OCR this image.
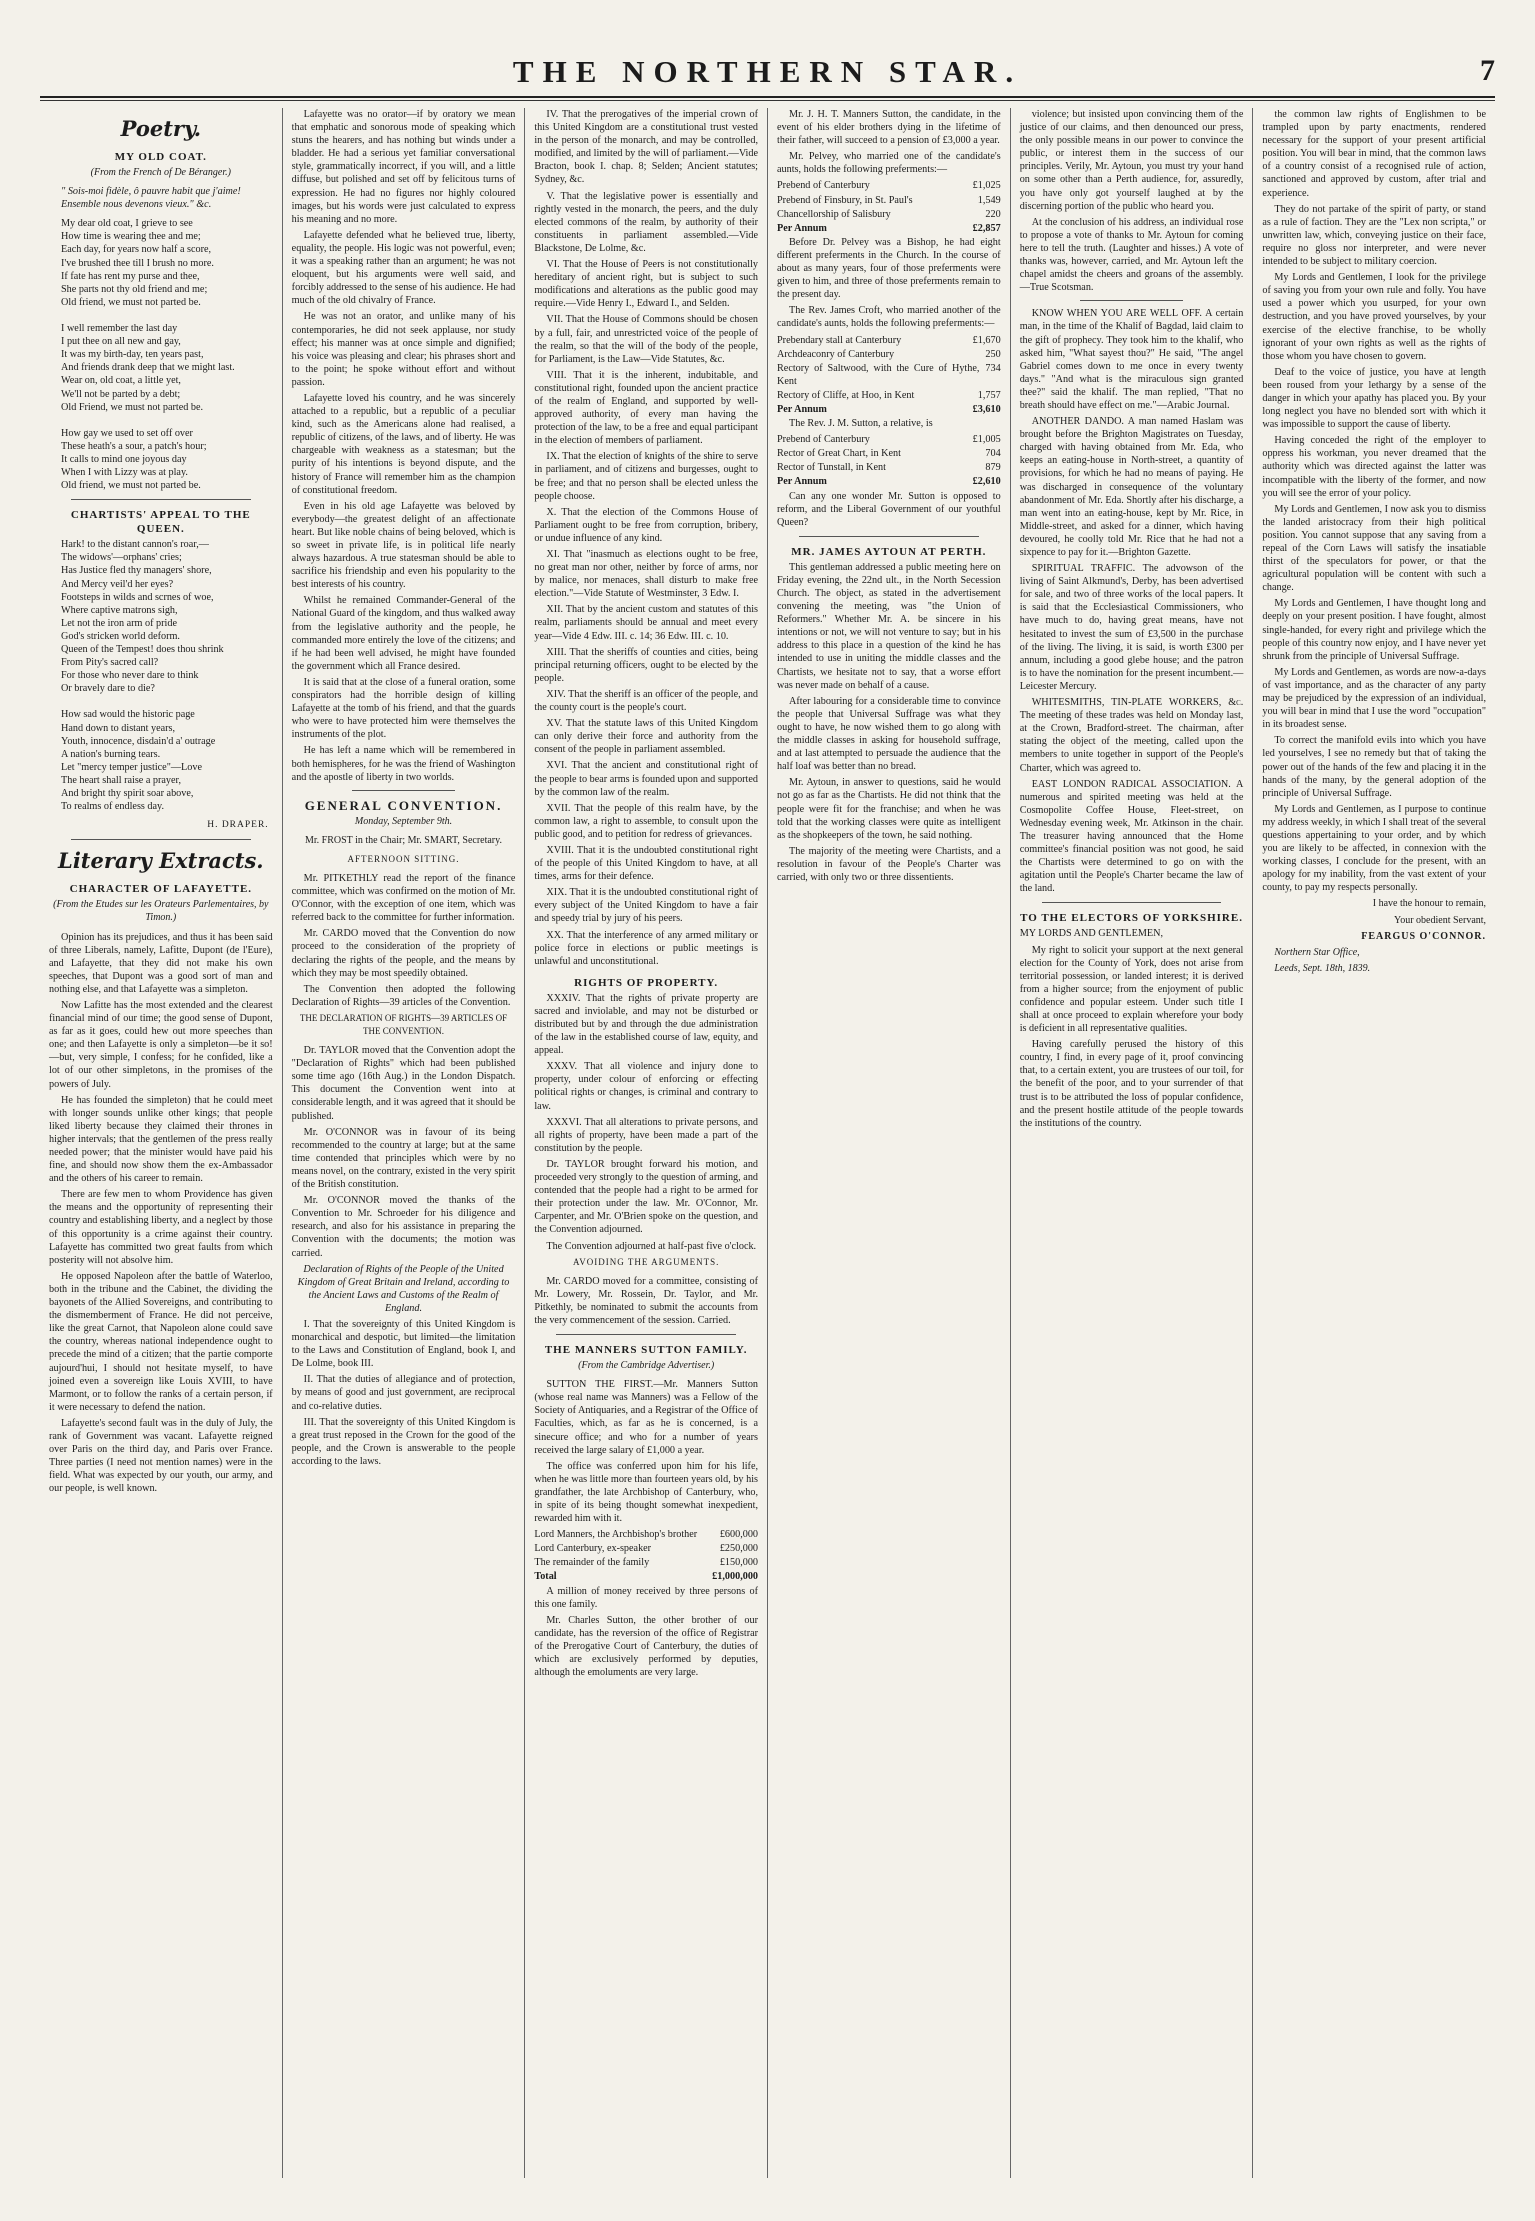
THE NORTHERN STAR.	7
Poetry.
MY OLD COAT.
(From the French of De Béranger.)
" Sois-moi fidèle, ô pauvre habit que j'aime!
Ensemble nous devenons vieux." &c.
My dear old coat, I grieve to see
How time is wearing thee and me;
Each day, for years now half a score,
I've brushed thee till I brush no more.
If fate has rent my purse and thee,
She parts not thy old friend and me;
Old friend, we must not parted be.

I well remember the last day
I put thee on all new and gay,
It was my birth-day, ten years past,
And friends drank deep that we might last.
Wear on, old coat, a little yet,
We'll not be parted by a debt;
Old Friend, we must not parted be.

How gay we used to set off over
These heath's a sour, a patch's hour;
It calls to mind one joyous day
When I with Lizzy was at play.
Old friend, we must not parted be.
CHARTISTS' APPEAL TO THE QUEEN.
Hark! to the distant cannon's roar,—
The widows'—orphans' cries;
Has Justice fled thy managers' shore,
And Mercy veil'd her eyes?
Footsteps in wilds and scrnes of woe,
Where captive matrons sigh,
Let not the iron arm of pride
God's stricken world deform.
Queen of the Tempest! does thou shrink
From Pity's sacred call?
For those who never dare to think
Or bravely dare to die?

How sad would the historic page
Hand down to distant years,
Youth, innocence, disdain'd a' outrage
A nation's burning tears.
Let "mercy temper justice"—Love
The heart shall raise a prayer,
And bright thy spirit soar above,
To realms of endless day.
H. DRAPER.
Literary Extracts.
CHARACTER OF LAFAYETTE.
(From the Etudes sur les Orateurs Parlementaires, by Timon.)

Opinion has its prejudices, and thus it has been said of three Liberals, namely, Lafitte, Dupont (de l'Eure), and Lafayette, that they did not make his own speeches, that Dupont was a good sort of man and nothing else, and that Lafayette was a simpleton.

Now Lafitte has the most extended and the clearest financial mind of our time; the good sense of Dupont, as far as it goes, could hew out more speeches than one; and then Lafayette is only a simpleton—be it so!—but, very simple, I confess; for he confided, like a lot of our other simpletons, in the promises of the powers of July.

He has founded the simpleton) that he could meet with longer sounds unlike other kings; that people liked liberty because they claimed their thrones in higher intervals; that the gentlemen of the press really needed power; that the minister would have paid his fine, and should now show them the ex-Ambassador and the others of his career to remain.

There are few men to whom Providence has given the means and the opportunity of representing their country and establishing liberty, and a neglect by those of this opportunity is a crime against their country. Lafayette has committed two great faults from which posterity will not absolve him.

He opposed Napoleon after the battle of Waterloo, both in the tribune and the Cabinet, the dividing the bayonets of the Allied Sovereigns, and contributing to the dismemberment of France. He did not perceive, like the great Carnot, that Napoleon alone could save the country, whereas national independence ought to precede the mind of a citizen; that the partie comporte aujourd'hui, I should not hesitate myself, to have joined even a sovereign like Louis XVIII, to have Marmont, or to follow the ranks of a certain person, if it were necessary to defend the nation.

Lafayette's second fault was in the duly of July, the rank of Government was vacant. Lafayette reigned over Paris on the third day, and Paris over France. Three parties (I need not mention names) were in the field. What was expected by our youth, our army, and our people, is well known.

Lafayette was no orator—if by oratory we mean that emphatic and sonorous mode of speaking which stuns the hearers, and has nothing but winds under a bladder. He had a serious yet familiar conversational style, grammatically incorrect, if you will, and a little diffuse, but polished and set off by felicitous turns of expression. He had no figures nor highly coloured images, but his words were just calculated to express his meaning and no more.

Lafayette defended what he believed true, liberty, equality, the people. His logic was not powerful, even; it was a speaking rather than an argument; he was not eloquent, but his arguments were well said, and forcibly addressed to the sense of his audience. He had much of the old chivalry of France.

He was not an orator, and unlike many of his contemporaries, he did not seek applause, nor study effect; his manner was at once simple and dignified; his voice was pleasing and clear; his phrases short and to the point; he spoke without effort and without passion.

Lafayette loved his country, and he was sincerely attached to a republic, but a republic of a peculiar kind, such as the Americans alone had realised, a republic of citizens, of the laws, and of liberty. He was chargeable with weakness as a statesman; but the purity of his intentions is beyond dispute, and the history of France will remember him as the champion of constitutional freedom.

Even in his old age Lafayette was beloved by everybody—the greatest delight of an affectionate heart. But like noble chains of being beloved, which is so sweet in private life, is in political life nearly always hazardous. A true statesman should be able to sacrifice his friendship and even his popularity to the best interests of his country.

Whilst he remained Commander-General of the National Guard of the kingdom, and thus walked away from the legislative authority and the people, he commanded more entirely the love of the citizens; and if he had been well advised, he might have founded the government which all France desired.

It is said that at the close of a funeral oration, some conspirators had the horrible design of killing Lafayette at the tomb of his friend, and that the guards who were to have protected him were themselves the instruments of the plot.

He has left a name which will be remembered in both hemispheres, for he was the friend of Washington and the apostle of liberty in two worlds.

GENERAL CONVENTION.
Monday, September 9th.
Mr. FROST in the Chair; Mr. SMART, Secretary.
AFTERNOON SITTING.

Mr. PITKETHLY read the report of the finance committee, which was confirmed on the motion of Mr. O'Connor, with the exception of one item, which was referred back to the committee for further information.

Mr. CARDO moved that the Convention do now proceed to the consideration of the propriety of declaring the rights of the people, and the means by which they may be most speedily obtained.

The Convention then adopted the following Declaration of Rights—39 articles of the Convention.

THE DECLARATION OF RIGHTS—39 ARTICLES OF THE CONVENTION.

Dr. TAYLOR moved that the Convention adopt the "Declaration of Rights" which had been published some time ago (16th Aug.) in the London Dispatch. This document the Convention went into at considerable length, and it was agreed that it should be published.

Mr. O'CONNOR was in favour of its being recommended to the country at large; but at the same time contended that principles which were by no means novel, on the contrary, existed in the very spirit of the British constitution.

Mr. O'CONNOR moved the thanks of the Convention to Mr. Schroeder for his diligence and research, and also for his assistance in preparing the Convention with the documents; the motion was carried.

Declaration of Rights of the People of the United Kingdom of Great Britain and Ireland, according to the Ancient Laws and Customs of the Realm of England.

I. That the sovereignty of this United Kingdom is monarchical and despotic, but limited—the limitation to the Laws and Constitution of England, book I, and De Lolme, book III.

II. That the duties of allegiance and of protection, by means of good and just government, are reciprocal and co-relative duties.

III. That the sovereignty of this United Kingdom is a great trust reposed in the Crown for the good of the people, and the Crown is answerable to the people according to the laws.

IV. That the prerogatives of the imperial crown of this United Kingdom are a constitutional trust vested in the person of the monarch, and may be controlled, modified, and limited by the will of parliament.—Vide Bracton, book I. chap. 8; Selden; Ancient statutes; Sydney, &c.

V. That the legislative power is essentially and rightly vested in the monarch, the peers, and the duly elected commons of the realm, by authority of their constituents in parliament assembled.—Vide Blackstone, De Lolme, &c.

VI. That the House of Peers is not constitutionally hereditary of ancient right, but is subject to such modifications and alterations as the public good may require.—Vide Henry I., Edward I., and Selden.

VII. That the House of Commons should be chosen by a full, fair, and unrestricted voice of the people of the realm, so that the will of the body of the people, for Parliament, is the Law—Vide Statutes, &c.

VIII. That it is the inherent, indubitable, and constitutional right, founded upon the ancient practice of the realm of England, and supported by well-approved authority, of every man having the protection of the law, to be a free and equal participant in the election of members of parliament.

IX. That the election of knights of the shire to serve in parliament, and of citizens and burgesses, ought to be free; and that no person shall be elected unless the people choose.

X. That the election of the Commons House of Parliament ought to be free from corruption, bribery, or undue influence of any kind.

XI. That "inasmuch as elections ought to be free, no great man nor other, neither by force of arms, nor by malice, nor menaces, shall disturb to make free election."—Vide Statute of Westminster, 3 Edw. I.

XII. That by the ancient custom and statutes of this realm, parliaments should be annual and meet every year—Vide 4 Edw. III. c. 14; 36 Edw. III. c. 10.

XIII. That the sheriffs of counties and cities, being principal returning officers, ought to be elected by the people.

XIV. That the sheriff is an officer of the people, and the county court is the people's court.

XV. That the statute laws of this United Kingdom can only derive their force and authority from the consent of the people in parliament assembled.

XVI. That the ancient and constitutional right of the people to bear arms is founded upon and supported by the common law of the realm.

XVII. That the people of this realm have, by the common law, a right to assemble, to consult upon the public good, and to petition for redress of grievances.

XVIII. That it is the undoubted constitutional right of the people of this United Kingdom to have, at all times, arms for their defence.

XIX. That it is the undoubted constitutional right of every subject of the United Kingdom to have a fair and speedy trial by jury of his peers.

XX. That the interference of any armed military or police force in elections or public meetings is unlawful and unconstitutional.

RIGHTS OF PROPERTY.

XXXIV. That the rights of private property are sacred and inviolable, and may not be disturbed or distributed but by and through the due administration of the law in the established course of law, equity, and appeal.

XXXV. That all violence and injury done to property, under colour of enforcing or effecting political rights or changes, is criminal and contrary to law.

XXXVI. That all alterations to private persons, and all rights of property, have been made a part of the constitution by the people.

Dr. TAYLOR brought forward his motion, and proceeded very strongly to the question of arming, and contended that the people had a right to be armed for their protection under the law. Mr. O'Connor, Mr. Carpenter, and Mr. O'Brien spoke on the question, and the Convention adjourned.

The Convention adjourned at half-past five o'clock.

AVOIDING THE ARGUMENTS.

Mr. CARDO moved for a committee, consisting of Mr. Lowery, Mr. Rossein, Dr. Taylor, and Mr. Pitkethly, be nominated to submit the accounts from the very commencement of the session. Carried.

THE MANNERS SUTTON FAMILY.
(From the Cambridge Advertiser.)

SUTTON THE FIRST.—Mr. Manners Sutton (whose real name was Manners) was a Fellow of the Society of Antiquaries, and a Registrar of the Office of Faculties, which, as far as he is concerned, is a sinecure office; and who for a number of years received the large salary of £1,000 a year.

The office was conferred upon him for his life, when he was little more than fourteen years old, by his grandfather, the late Archbishop of Canterbury, who, in spite of its being thought somewhat inexpedient, rewarded him with it.

Lord Manners, the Archbishop's brother	£600,000
Lord Canterbury, ex-speaker	£250,000
The remainder of the family	£150,000
Total	£1,000,000

A million of money received by three persons of this one family.

Mr. Charles Sutton, the other brother of our candidate, has the reversion of the office of Registrar of the Prerogative Court of Canterbury, the duties of which are exclusively performed by deputies, although the emoluments are very large.

Mr. J. H. T. Manners Sutton, the candidate, in the event of his elder brothers dying in the lifetime of their father, will succeed to a pension of £3,000 a year.

Mr. Pelvey, who married one of the candidate's aunts, holds the following preferments:—

Prebend of Canterbury	£1,025
Prebend of Finsbury, in St. Paul's	1,549
Chancellorship of Salisbury	220
Per Annum	£2,857

Before Dr. Pelvey was a Bishop, he had eight different preferments in the Church. In the course of about as many years, four of those preferments were given to him, and three of those preferments remain to the present day.

The Rev. James Croft, who married another of the candidate's aunts, holds the following preferments:—

Prebendary stall at Canterbury	£1,670
Archdeaconry of Canterbury	250
Rectory of Saltwood, with the Cure of Hythe, Kent
734
Rectory of Cliffe, at Hoo, in Kent	1,757
Per Annum	£3,610

The Rev. J. M. Sutton, a relative, is

Prebend of Canterbury	£1,005
Rector of Great Chart, in Kent	704
Rector of Tunstall, in Kent	879
Per Annum	£2,610

Can any one wonder Mr. Sutton is opposed to reform, and the Liberal Government of our youthful Queen?

MR. JAMES AYTOUN AT PERTH.

This gentleman addressed a public meeting here on Friday evening, the 22nd ult., in the North Secession Church. The object, as stated in the advertisement convening the meeting, was "the Union of Reformers." Whether Mr. A. be sincere in his intentions or not, we will not venture to say; but in his address to this place in a question of the kind he has intended to use in uniting the middle classes and the Chartists, we hesitate not to say, that a worse effort was never made on behalf of a cause.

After labouring for a considerable time to convince the people that Universal Suffrage was what they ought to have, he now wished them to go along with the middle classes in asking for household suffrage, and at last attempted to persuade the audience that the half loaf was better than no bread.

Mr. Aytoun, in answer to questions, said he would not go as far as the Chartists. He did not think that the people were fit for the franchise; and when he was told that the working classes were quite as intelligent as the shopkeepers of the town, he said nothing.

The majority of the meeting were Chartists, and a resolution in favour of the People's Charter was carried, with only two or three dissentients.

violence; but insisted upon convincing them of the justice of our claims, and then denounced our press, the only possible means in our power to convince the public, or interest them in the success of our principles. Verily, Mr. Aytoun, you must try your hand on some other than a Perth audience, for, assuredly, you have only got yourself laughed at by the discerning portion of the public who heard you.

At the conclusion of his address, an individual rose to propose a vote of thanks to Mr. Aytoun for coming here to tell the truth. (Laughter and hisses.) A vote of thanks was, however, carried, and Mr. Aytoun left the chapel amidst the cheers and groans of the assembly.—True Scotsman.

KNOW WHEN YOU ARE WELL OFF. A certain man, in the time of the Khalif of Bagdad, laid claim to the gift of prophecy. They took him to the khalif, who asked him, "What sayest thou?" He said, "The angel Gabriel comes down to me once in every twenty days." "And what is the miraculous sign granted thee?" said the khalif. The man replied, "That no breath should have effect on me."—Arabic Journal.

ANOTHER DANDO. A man named Haslam was brought before the Brighton Magistrates on Tuesday, charged with having obtained from Mr. Eda, who keeps an eating-house in North-street, a quantity of provisions, for which he had no means of paying. He was discharged in consequence of the voluntary abandonment of Mr. Eda. Shortly after his discharge, a man went into an eating-house, kept by Mr. Rice, in Middle-street, and asked for a dinner, which having devoured, he coolly told Mr. Rice that he had not a sixpence to pay for it.—Brighton Gazette.

SPIRITUAL TRAFFIC. The advowson of the living of Saint Alkmund's, Derby, has been advertised for sale, and two of three works of the local papers. It is said that the Ecclesiastical Commissioners, who have much to do, having great means, have not hesitated to invest the sum of £3,500 in the purchase of the living. The living, it is said, is worth £300 per annum, including a good glebe house; and the patron is to have the nomination for the present incumbent.—Leicester Mercury.

WHITESMITHS, TIN-PLATE WORKERS, &c. The meeting of these trades was held on Monday last, at the Crown, Bradford-street. The chairman, after stating the object of the meeting, called upon the members to unite together in support of the People's Charter, which was agreed to.

EAST LONDON RADICAL ASSOCIATION. A numerous and spirited meeting was held at the Cosmopolite Coffee House, Fleet-street, on Wednesday evening week, Mr. Atkinson in the chair. The treasurer having announced that the Home committee's financial position was not good, he said the Chartists were determined to go on with the agitation until the People's Charter became the law of the land.

TO THE ELECTORS OF YORKSHIRE.

MY LORDS AND GENTLEMEN,

My right to solicit your support at the next general election for the County of York, does not arise from territorial possession, or landed interest; it is derived from a higher source; from the enjoyment of public confidence and popular esteem. Under such title I shall at once proceed to explain wherefore your body is deficient in all representative qualities.

Having carefully perused the history of this country, I find, in every page of it, proof convincing that, to a certain extent, you are trustees of our toil, for the benefit of the poor, and to your surrender of that trust is to be attributed the loss of popular confidence, and the present hostile attitude of the people towards the institutions of the country.

the common law rights of Englishmen to be trampled upon by party enactments, rendered necessary for the support of your present artificial position. You will bear in mind, that the common laws of a country consist of a recognised rule of action, sanctioned and approved by custom, after trial and experience.

They do not partake of the spirit of party, or stand as a rule of faction. They are the "Lex non scripta," or unwritten law, which, conveying justice on their face, require no gloss nor interpreter, and were never intended to be subject to military coercion.

My Lords and Gentlemen, I look for the privilege of saving you from your own rule and folly. You have used a power which you usurped, for your own destruction, and you have proved yourselves, by your exercise of the elective franchise, to be wholly ignorant of your own rights as well as the rights of those whom you have chosen to govern.

Deaf to the voice of justice, you have at length been roused from your lethargy by a sense of the danger in which your apathy has placed you. By your long neglect you have no blended sort with which it was impossible to support the cause of liberty.

Having conceded the right of the employer to oppress his workman, you never dreamed that the authority which was directed against the latter was incompatible with the liberty of the former, and now you will see the error of your policy.

My Lords and Gentlemen, I now ask you to dismiss the landed aristocracy from their high political position. You cannot suppose that any saving from a repeal of the Corn Laws will satisfy the insatiable thirst of the speculators for power, or that the agricultural population will be content with such a change.

My Lords and Gentlemen, I have thought long and deeply on your present position. I have fought, almost single-handed, for every right and privilege which the people of this country now enjoy, and I have never yet shrunk from the principle of Universal Suffrage.

My Lords and Gentlemen, as words are now-a-days of vast importance, and as the character of any party may be prejudiced by the expression of an individual, you will bear in mind that I use the word "occupation" in its broadest sense.

To correct the manifold evils into which you have led yourselves, I see no remedy but that of taking the power out of the hands of the few and placing it in the hands of the many, by the general adoption of the principle of Universal Suffrage.

My Lords and Gentlemen, as I purpose to continue my address weekly, in which I shall treat of the several questions appertaining to your order, and by which you are likely to be affected, in connexion with the working classes, I conclude for the present, with an apology for my inability, from the vast extent of your county, to pay my respects personally.

I have the honour to remain,

Your obedient Servant,

FEARGUS O'CONNOR.

Northern Star Office,

Leeds, Sept. 18th, 1839.
